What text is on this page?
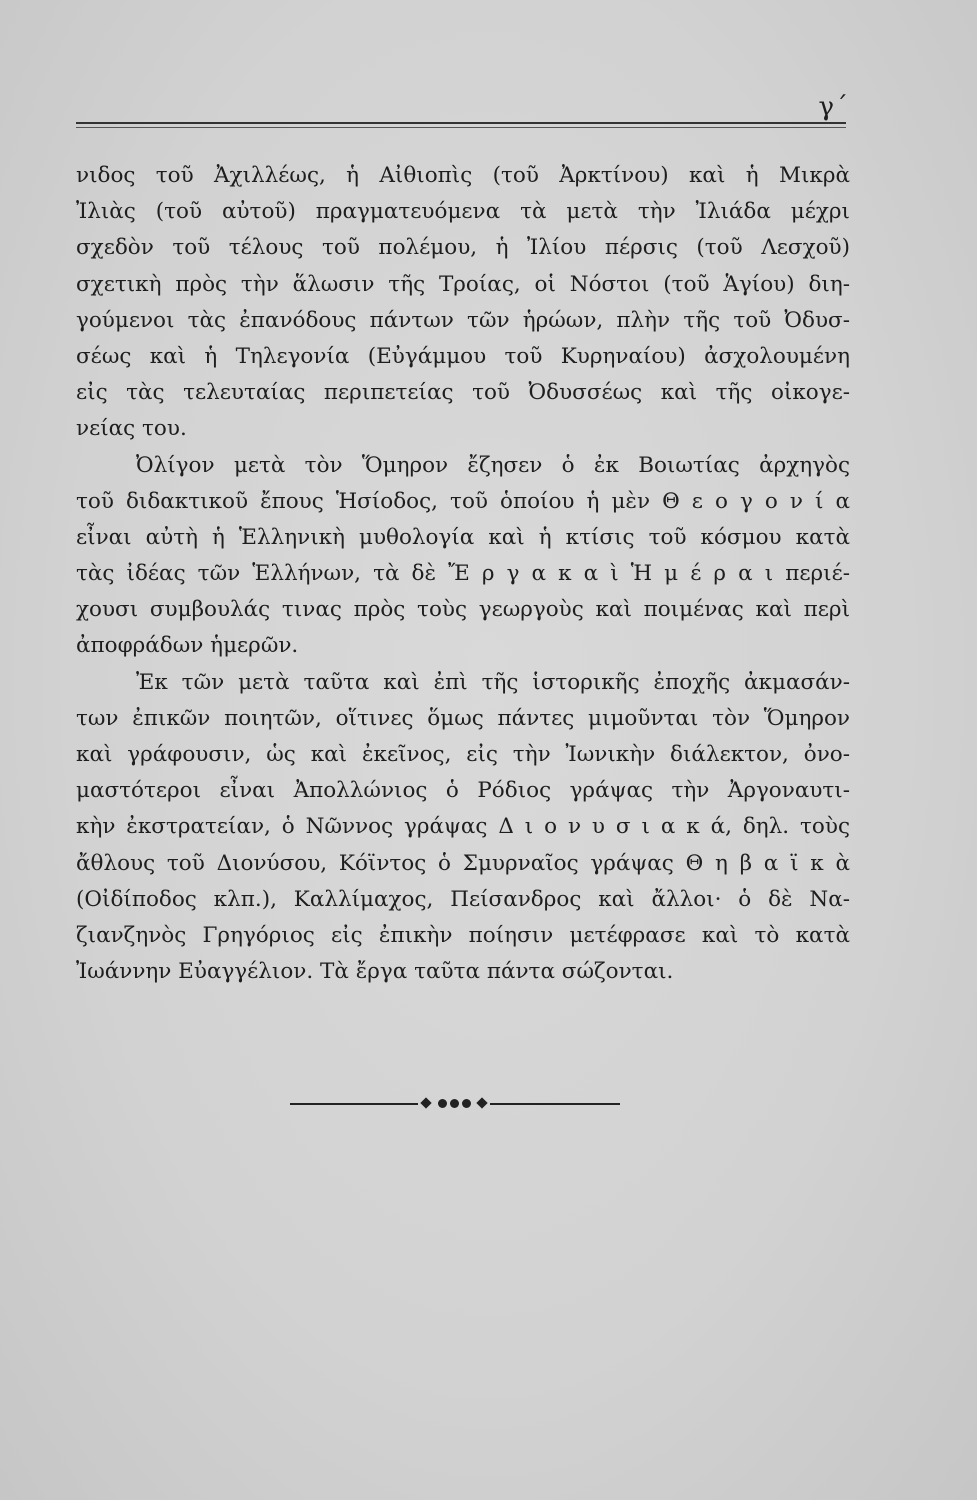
γ΄
νιδος τοῦ Ἀχιλλέως, ἡ Αἰθιοπὶς (τοῦ Ἀρκτίνου) καὶ ἡ Μικρὰ
Ἰλιὰς (τοῦ αὐτοῦ) πραγματευόμενα τὰ μετὰ τὴν Ἰλιάδα μέχρι
σχεδὸν τοῦ τέλους τοῦ πολέμου, ἡ Ἰλίου πέρσις (τοῦ Λεσχοῦ)
σχετικὴ πρὸς τὴν ἅλωσιν τῆς Τροίας, οἱ Νόστοι (τοῦ Ἁγίου) διη-
γούμενοι τὰς ἐπανόδους πάντων τῶν ἡρώων, πλὴν τῆς τοῦ Ὀδυσ-
σέως καὶ ἡ Τηλεγονία (Εὐγάμμου τοῦ Κυρηναίου) ἀσχολουμένη
εἰς τὰς τελευταίας περιπετείας τοῦ Ὀδυσσέως καὶ τῆς οἰκογε-
νείας του.
Ὀλίγον μετὰ τὸν Ὅμηρον ἔζησεν ὁ ἐκ Βοιωτίας ἀρχηγὸς
τοῦ διδακτικοῦ ἔπους Ἡσίοδος, τοῦ ὁποίου ἡ μὲν Θ ε ο γ ο ν ί α
εἶναι αὐτὴ ἡ Ἑλληνικὴ μυθολογία καὶ ἡ κτίσις τοῦ κόσμου κατὰ
τὰς ἰδέας τῶν Ἑλλήνων, τὰ δὲ Ἔ ρ γ α κ α ὶ Ἡ μ έ ρ α ι περιέ-
χουσι συμβουλάς τινας πρὸς τοὺς γεωργοὺς καὶ ποιμένας καὶ περὶ
ἀποφράδων ἡμερῶν.
Ἐκ τῶν μετὰ ταῦτα καὶ ἐπὶ τῆς ἱστορικῆς ἐποχῆς ἀκμασάν-
των ἐπικῶν ποιητῶν, οἵτινες ὅμως πάντες μιμοῦνται τὸν Ὅμηρον
καὶ γράφουσιν, ὡς καὶ ἐκεῖνος, εἰς τὴν Ἰωνικὴν διάλεκτον, ὀνο-
μαστότεροι εἶναι Ἀπολλώνιος ὁ Ρόδιος γράψας τὴν Ἀργοναυτι-
κὴν ἐκστρατείαν, ὁ Νῶννος γράψας Δ ι ο ν υ σ ι α κ ά, δηλ. τοὺς
ἄθλους τοῦ Διονύσου, Κόϊντος ὁ Σμυρναῖος γράψας Θ η β α ϊ κ ὰ
(Οἰδίποδος κλπ.), Καλλίμαχος, Πείσανδρος καὶ ἄλλοι· ὁ δὲ Να-
ζιανζηνὸς Γρηγόριος εἰς ἐπικὴν ποίησιν μετέφρασε καὶ τὸ κατὰ
Ἰωάννην Εὐαγγέλιον. Τὰ ἔργα ταῦτα πάντα σώζονται.
